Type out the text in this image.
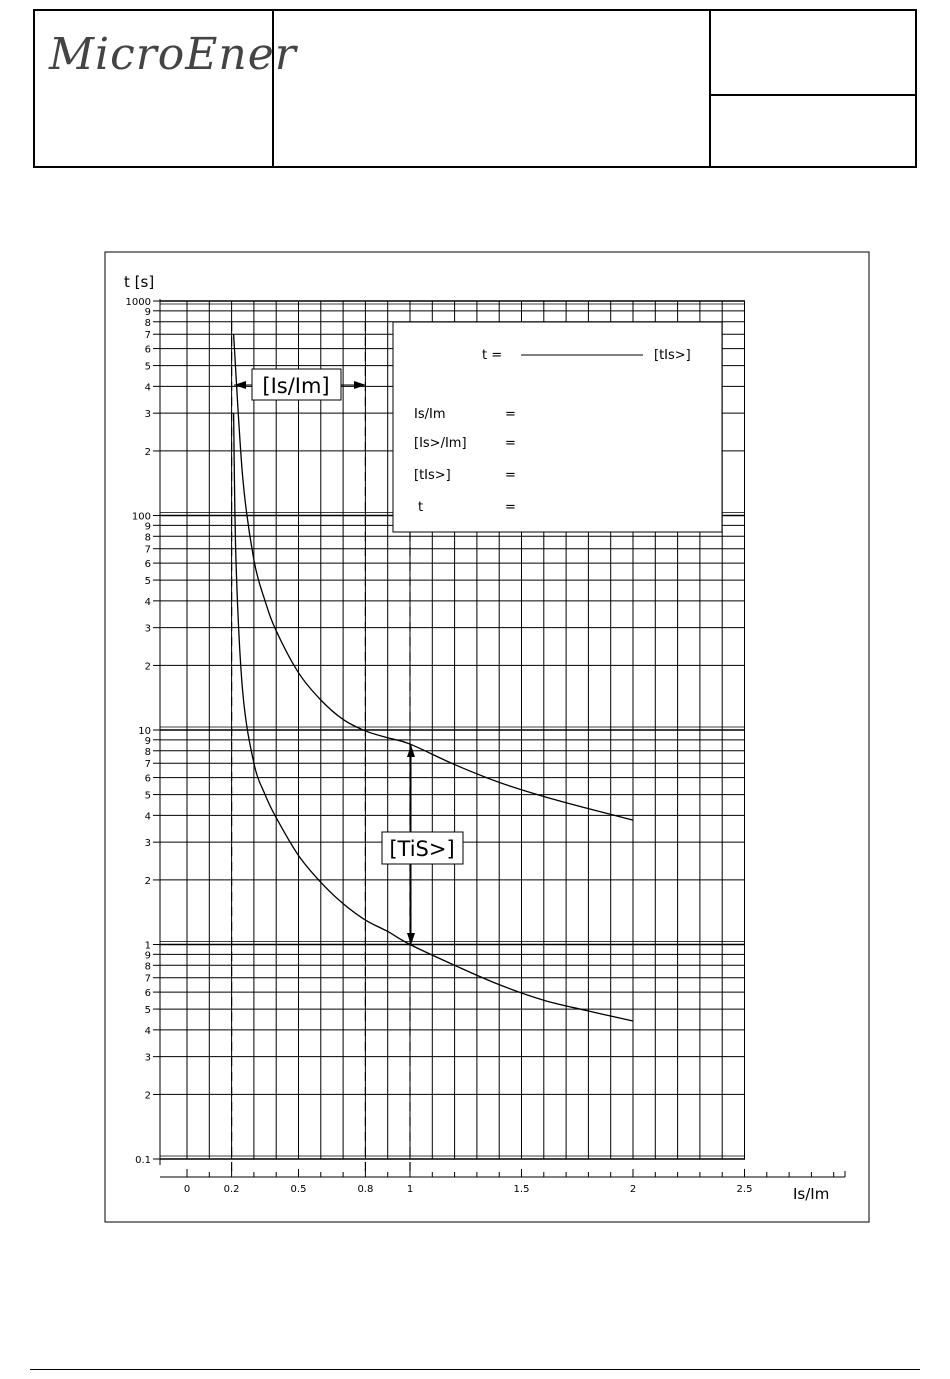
MicroEner
t [s]
Is/Im
0.1
1
10
100
1000
2
3
4
5
6
7
8
9
2
3
4
5
6
7
8
9
2
3
4
5
6
7
8
9
2
3
4
5
6
7
8
9
0	0.2	0.5	0.8	1	1.5	2	2.5
t =	[tIs>]
Is/Im	=
[Is>/Im]	=
[tIs>]	=
t	=
[Is/Im]
[TiS>]
